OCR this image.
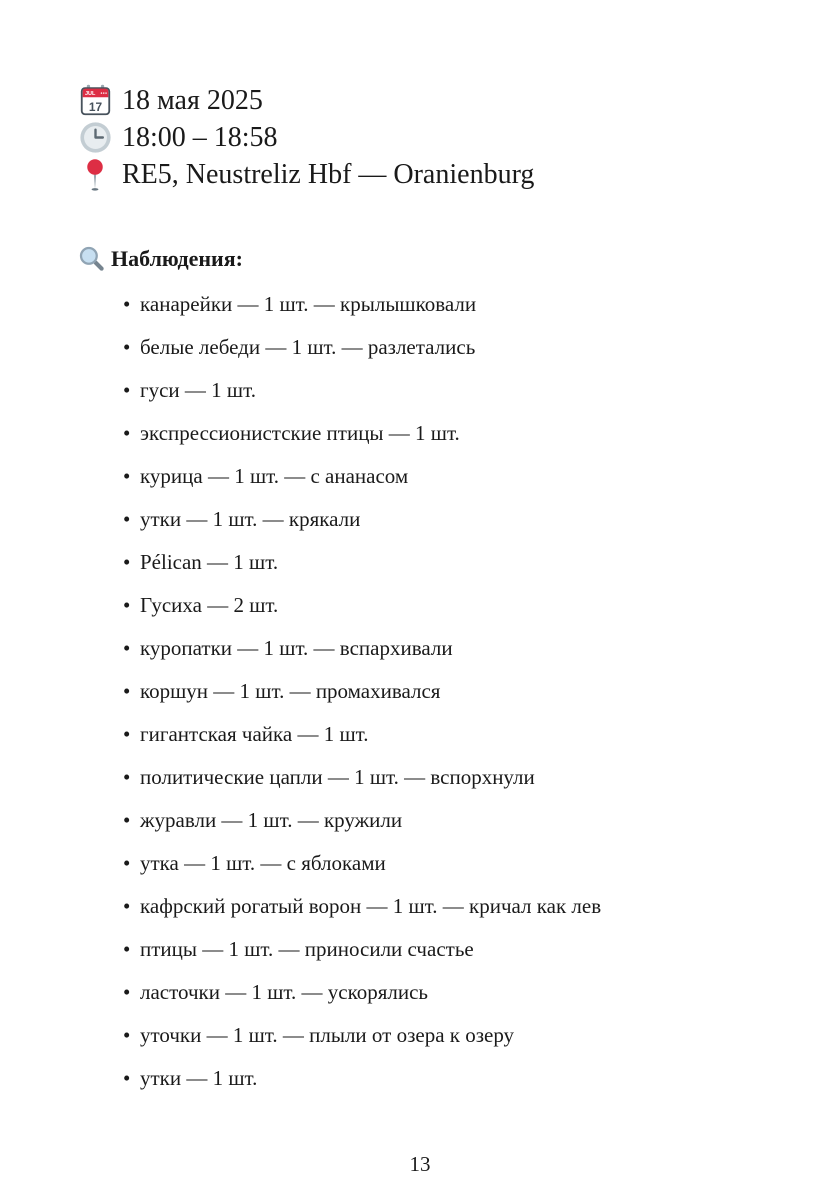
JUL
17 18 мая 2025
18:00 – 18:58
RE5, Neustreliz Hbf — Oranienburg
Наблюдения:
• канарейки — 1 шт. — крылышковали
• белые лебеди — 1 шт. — разлетались
• гуси — 1 шт.
• экспрессионистские птицы — 1 шт.
• курица — 1 шт. — с ананасом
• утки — 1 шт. — крякали
• Pélican — 1 шт.
• Гусиха — 2 шт.
• куропатки — 1 шт. — вспархивали
• коршун — 1 шт. — промахивался
• гигантская чайка — 1 шт.
• политические цапли — 1 шт. — вспорхнули
• журавли — 1 шт. — кружили
• утка — 1 шт. — с яблоками
• кафрский рогатый ворон — 1 шт. — кричал как лев
• птицы — 1 шт. — приносили счастье
• ласточки — 1 шт. — ускорялись
• уточки — 1 шт. — плыли от озера к озеру
• утки — 1 шт.
13
